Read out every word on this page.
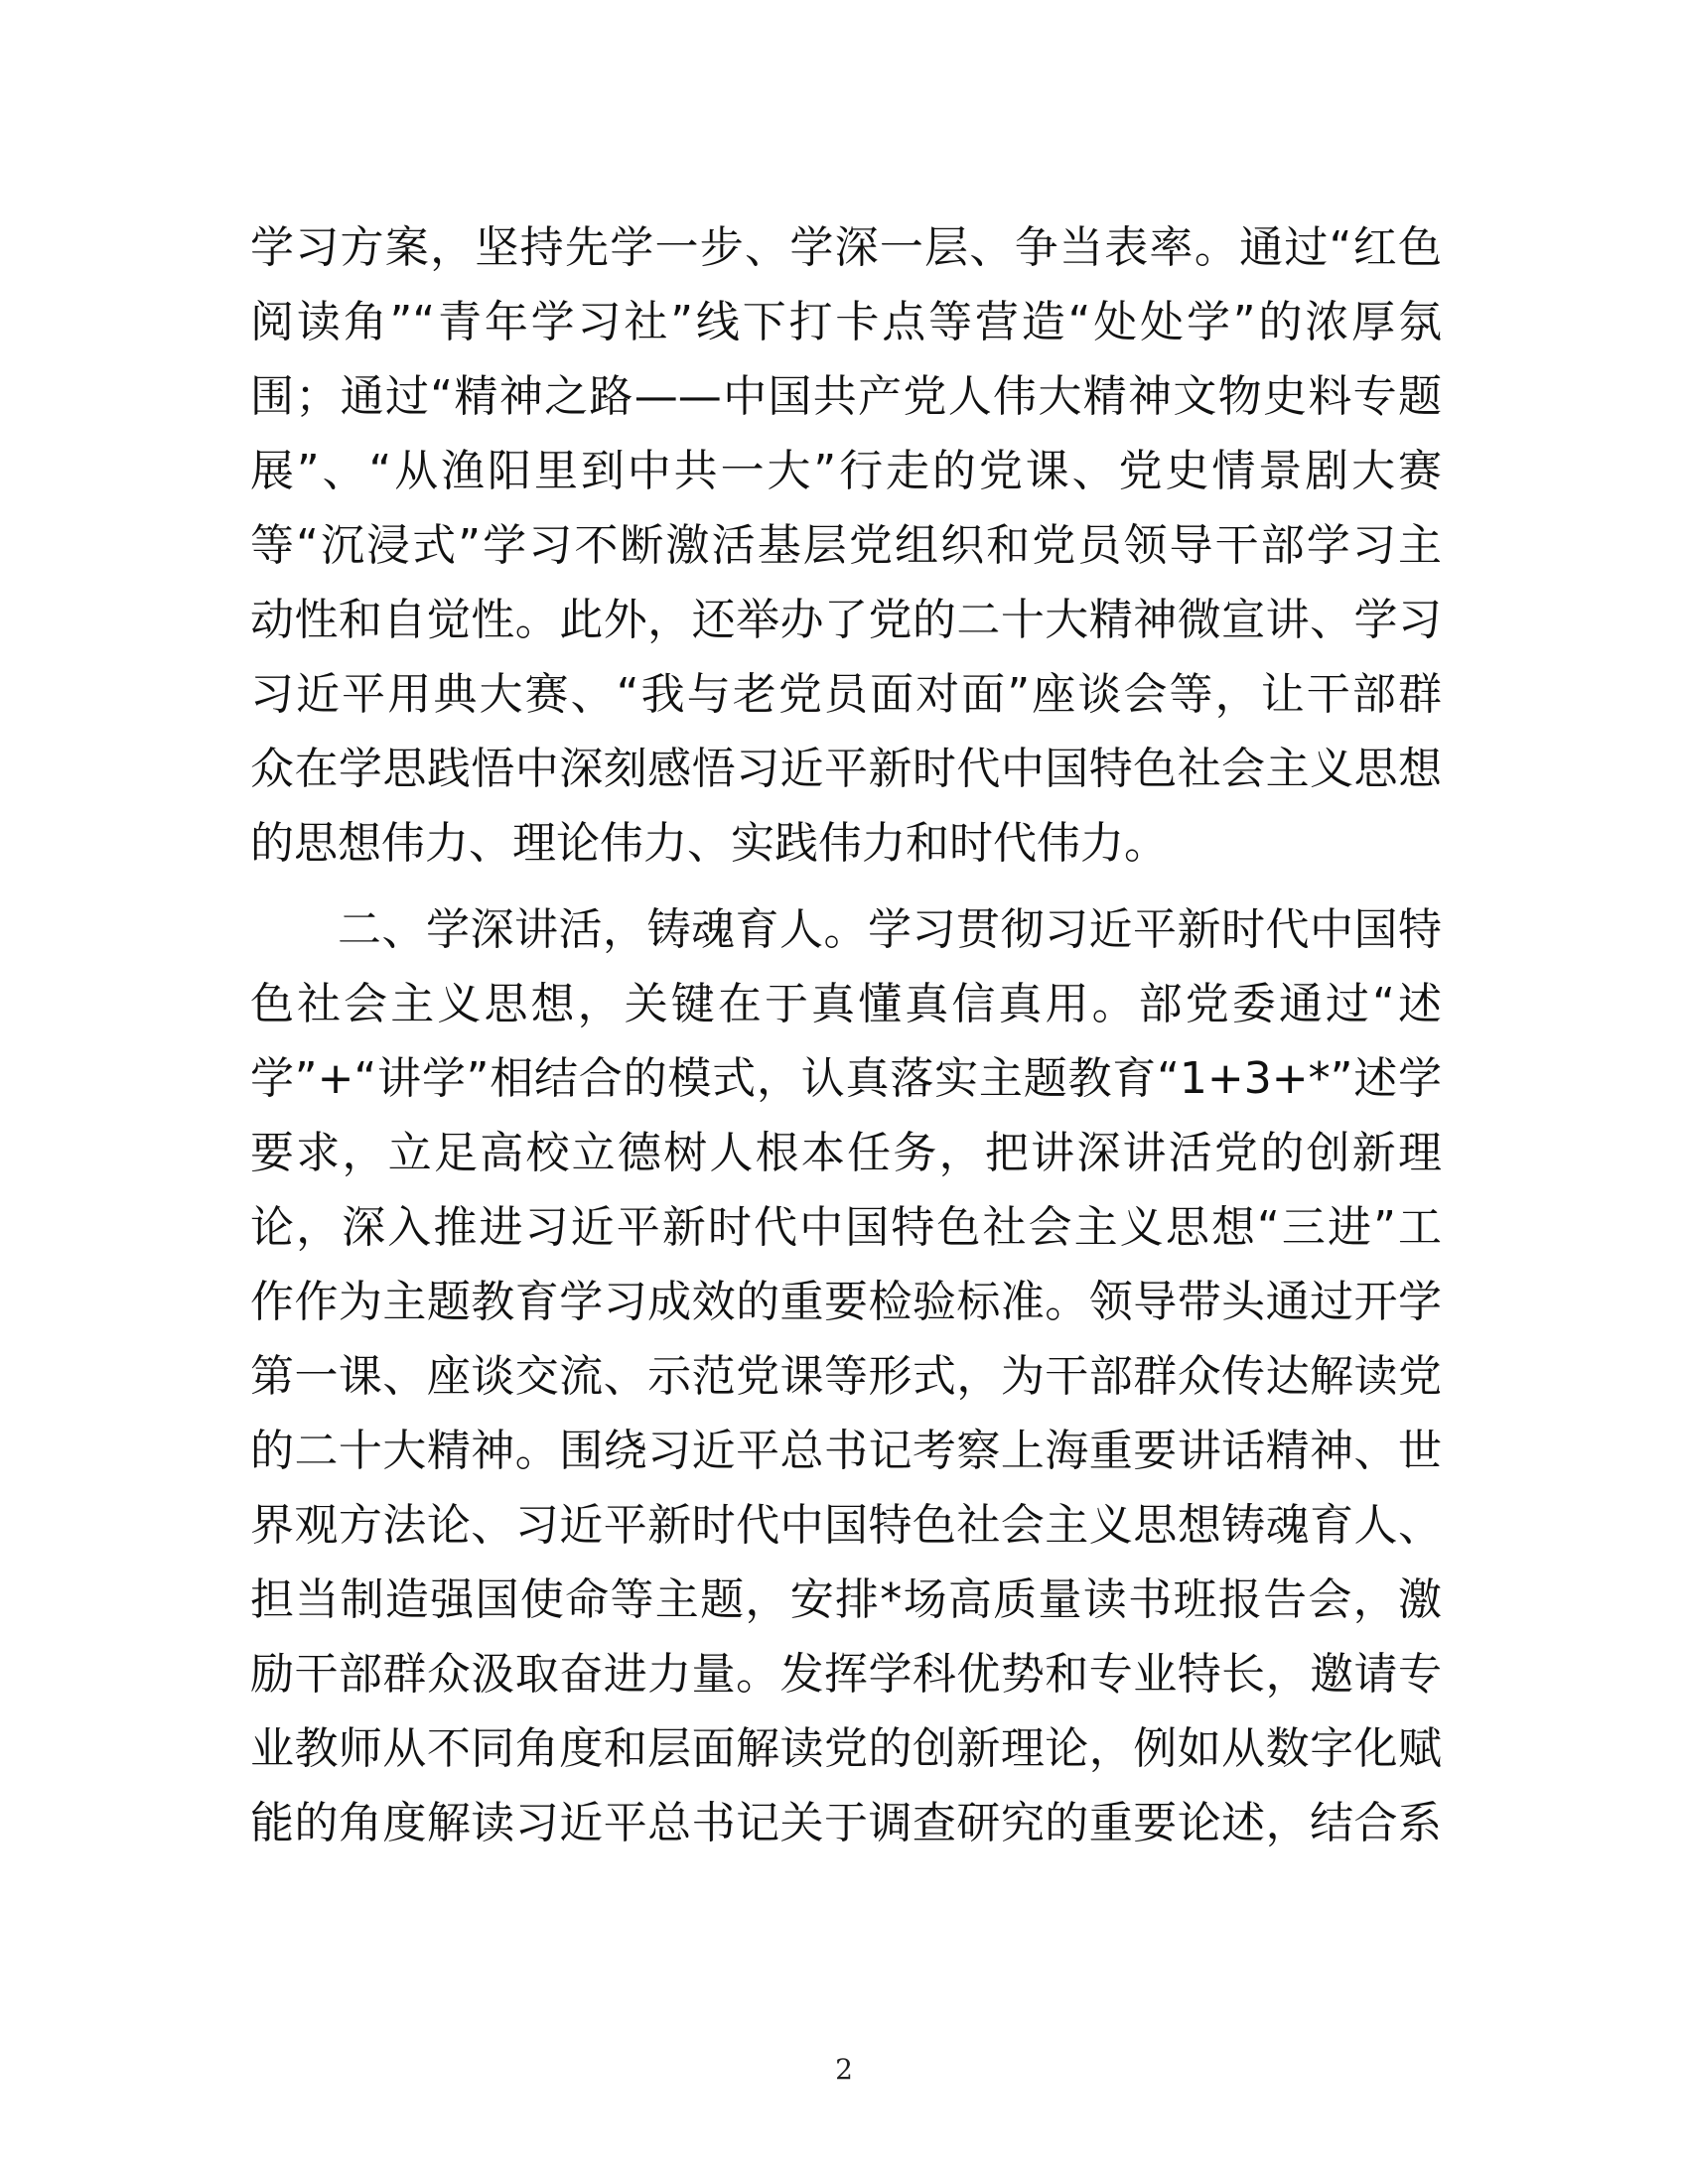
学习方案，坚持先学一步、学深一层、争当表率。通过“红色
阅读角”“青年学习社”线下打卡点等营造“处处学”的浓厚氛
围；通过“精神之路——中国共产党人伟大精神文物史料专题
展”、“从渔阳里到中共一大”行走的党课、党史情景剧大赛
等“沉浸式”学习不断激活基层党组织和党员领导干部学习主
动性和自觉性。此外，还举办了党的二十大精神微宣讲、学习
习近平用典大赛、“我与老党员面对面”座谈会等，让干部群
众在学思践悟中深刻感悟习近平新时代中国特色社会主义思想
的思想伟力、理论伟力、实践伟力和时代伟力。
二、学深讲活，铸魂育人。学习贯彻习近平新时代中国特
色社会主义思想，关键在于真懂真信真用。部党委通过“述
学”+“讲学”相结合的模式，认真落实主题教育“1+3+*”述学
要求，立足高校立德树人根本任务，把讲深讲活党的创新理
论，深入推进习近平新时代中国特色社会主义思想“三进”工
作作为主题教育学习成效的重要检验标准。领导带头通过开学
第一课、座谈交流、示范党课等形式，为干部群众传达解读党
的二十大精神。围绕习近平总书记考察上海重要讲话精神、世
界观方法论、习近平新时代中国特色社会主义思想铸魂育人、
担当制造强国使命等主题，安排*场高质量读书班报告会，激
励干部群众汲取奋进力量。发挥学科优势和专业特长，邀请专
业教师从不同角度和层面解读党的创新理论，例如从数字化赋
能的角度解读习近平总书记关于调查研究的重要论述，结合系
2
